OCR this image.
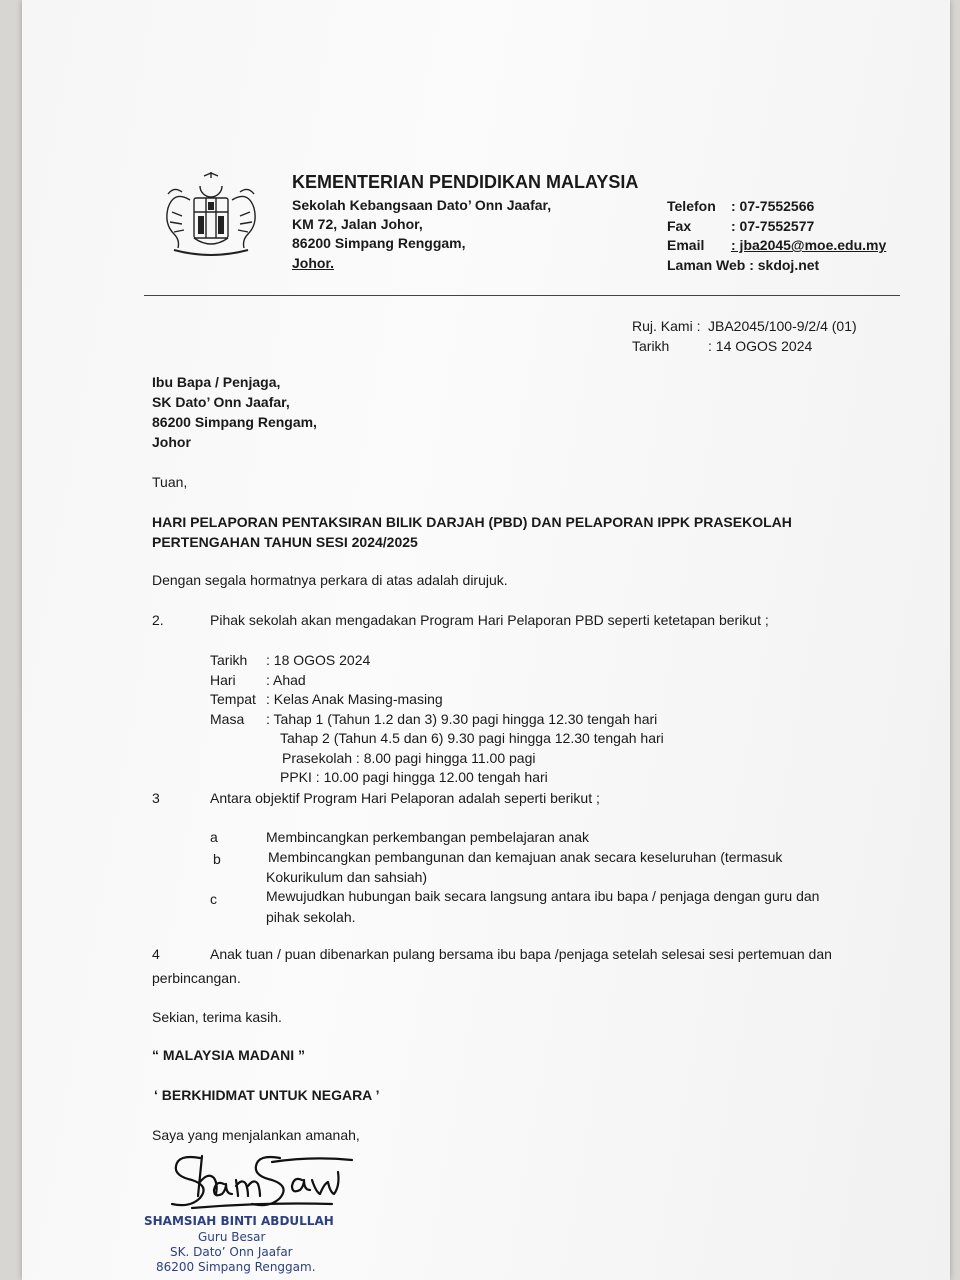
KEMENTERIAN PENDIDIKAN MALAYSIA
Sekolah Kebangsaan Dato’ Onn Jaafar,
KM 72, Jalan Johor,
86200 Simpang Renggam,
Johor.
Telefon : 07-7552566
Fax	: 07-7552577
Email : jba2045@moe.edu.my
Laman Web : skdoj.net
Ruj. Kami : JBA2045/100-9/2/4 (01)
Tarikh	: 14 OGOS 2024
Ibu Bapa / Penjaga,
SK Dato’ Onn Jaafar,
86200 Simpang Rengam,
Johor
Tuan,
HARI PELAPORAN PENTAKSIRAN BILIK DARJAH (PBD) DAN PELAPORAN IPPK PRASEKOLAH
PERTENGAHAN TAHUN SESI 2024/2025
Dengan segala hormatnya perkara di atas adalah dirujuk.
2.	Pihak sekolah akan mengadakan Program Hari Pelaporan PBD seperti ketetapan berikut ;
Tarikh : 18 OGOS 2024
Hari : Ahad
Tempat : Kelas Anak Masing-masing
Masa : Tahap 1 (Tahun 1.2 dan 3) 9.30 pagi hingga 12.30 tengah hari
Tahap 2 (Tahun 4.5 dan 6) 9.30 pagi hingga 12.30 tengah hari
Prasekolah : 8.00 pagi hingga 11.00 pagi
PPKI : 10.00 pagi hingga 12.00 tengah hari
3	Antara objektif Program Hari Pelaporan adalah seperti berikut ;
a	Membincangkan perkembangan pembelajaran anak
b	Membincangkan pembangunan dan kemajuan anak secara keseluruhan (termasuk
Kokurikulum dan sahsiah)
c	Mewujudkan hubungan baik secara langsung antara ibu bapa / penjaga dengan guru dan
pihak sekolah.
4	Anak tuan / puan dibenarkan pulang bersama ibu bapa /penjaga setelah selesai sesi pertemuan dan
perbincangan.
Sekian, terima kasih.
“ MALAYSIA MADANI ”
‘ BERKHIDMAT UNTUK NEGARA ’
Saya yang menjalankan amanah,
SHAMSIAH BINTI ABDULLAH
Guru Besar
SK. Dato’ Onn Jaafar
86200 Simpang Renggam.
